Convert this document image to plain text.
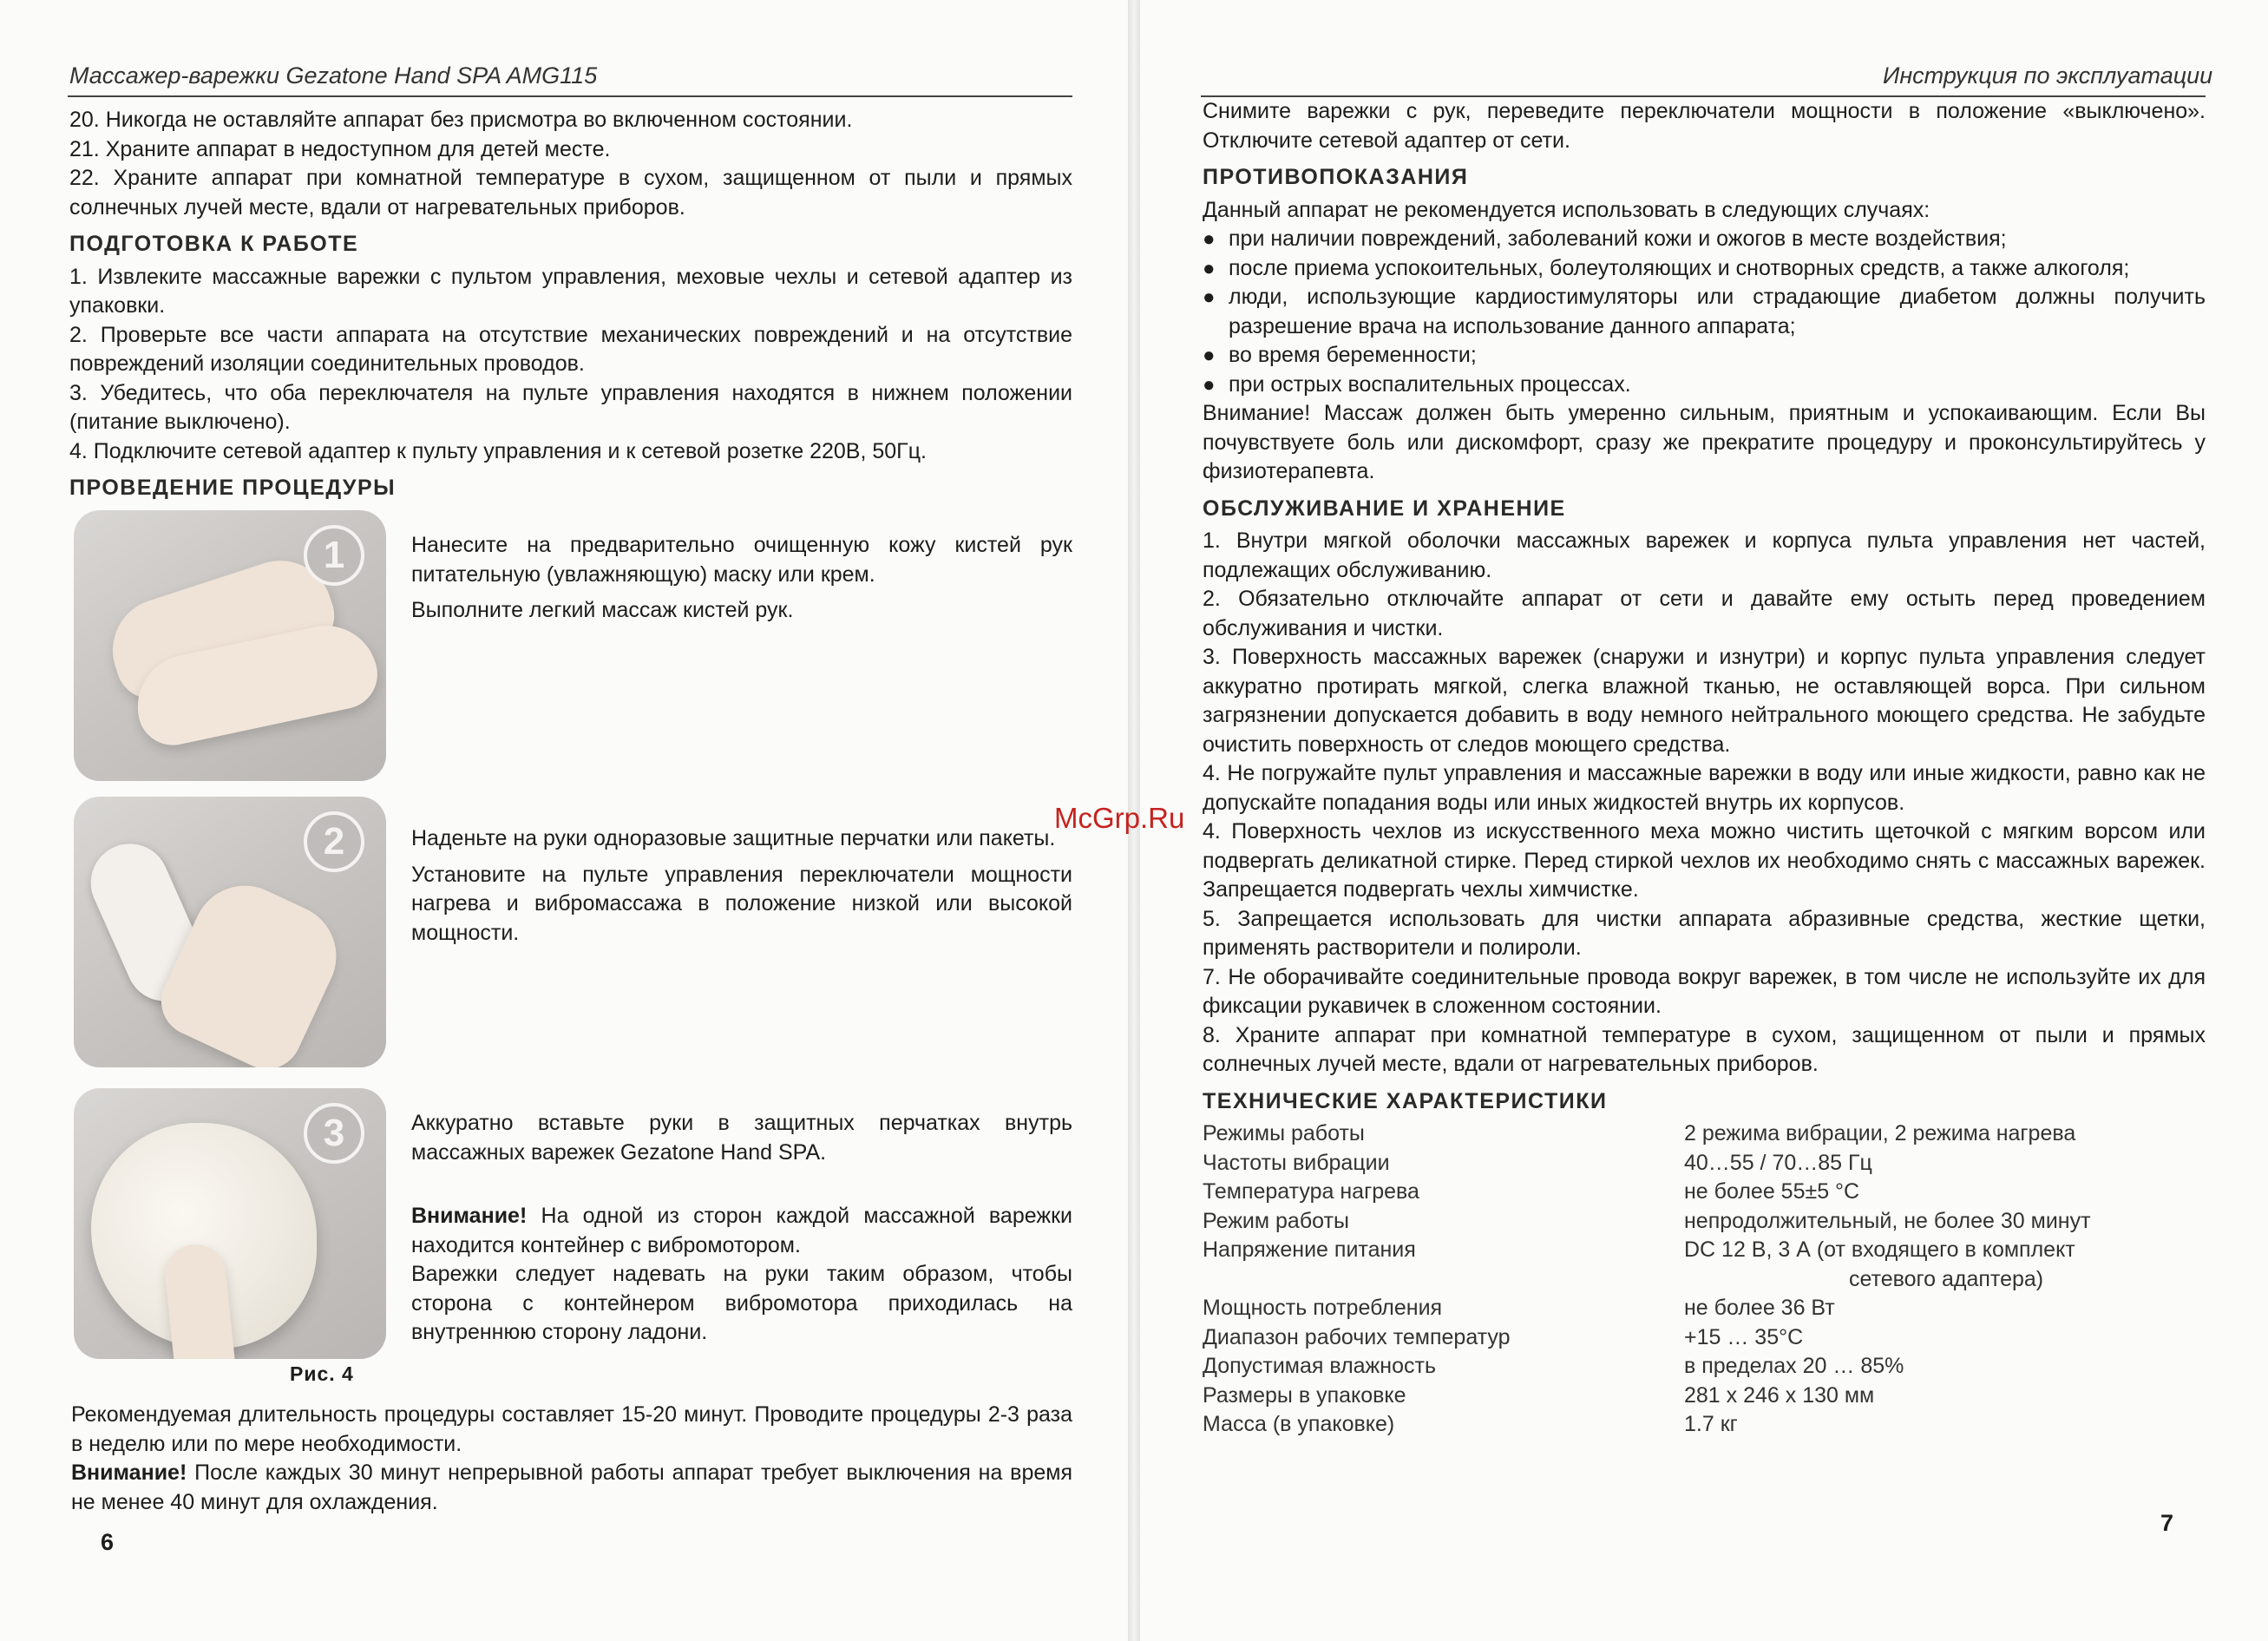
Массажер-варежки Gezatone Hand SPA AMG115

20. Никогда не оставляйте аппарат без присмотра во включенном состоянии.

21. Храните аппарат в недоступном для детей месте.

22. Храните аппарат при комнатной температуре в сухом, защищенном от пыли и прямых солнечных лучей месте, вдали от нагревательных приборов.

ПОДГОТОВКА К РАБОТЕ

1. Извлеките массажные варежки с пультом управления, меховые чехлы и сетевой адаптер из упаковки.

2. Проверьте все части аппарата на отсутствие механических повреждений и на отсутствие повреждений изоляции соединительных проводов.

3. Убедитесь, что оба переключателя на пульте управления находятся в нижнем положении (питание выключено).

4. Подключите сетевой адаптер к пульту управления и к сетевой розетке 220В, 50Гц.

ПРОВЕДЕНИЕ ПРОЦЕДУРЫ
1	Нанесите на предварительно очищенную кожу кистей рук питательную (увлажняющую) маску или крем.

Выполните легкий массаж кистей рук.

2	Наденьте на руки одноразовые защитные перчатки или пакеты.

Установите на пульте управления переключатели мощности нагрева и вибромассажа в положение низкой или высокой мощности.

3	Аккуратно вставьте руки в защитных перчатках внутрь массажных варежек Gezatone Hand SPA.

Внимание! На одной из сторон каждой массажной варежки находится контейнер с вибромотором.

Варежки следует надевать на руки таким образом, чтобы сторона с контейнером вибромотора приходилась на внутреннюю сторону ладони.

Рис. 4

Рекомендуемая длительность процедуры составляет 15-20 минут. Проводите процедуры 2-3 раза в неделю или по мере необходимости.

Внимание! После каждых 30 минут непрерывной работы аппарат требует выключения на время не менее 40 минут для охлаждения.

6
Инструкция по эксплуатации

Снимите варежки с рук, переведите переключатели мощности в положение «выключено». Отключите сетевой адаптер от сети.

ПРОТИВОПОКАЗАНИЯ

Данный аппарат не рекомендуется использовать в следующих случаях:

● при наличии повреждений, заболеваний кожи и ожогов в месте воздействия;
● после приема успокоительных, болеутоляющих и снотворных средств, а также алкоголя;
● люди, использующие кардиостимуляторы или страдающие диабетом должны получить разрешение врача на использование данного аппарата;
● во время беременности;
● при острых воспалительных процессах.

Внимание! Массаж должен быть умеренно сильным, приятным и успокаивающим. Если Вы почувствуете боль или дискомфорт, сразу же прекратите процедуру и проконсультируйтесь у физиотерапевта.

ОБСЛУЖИВАНИЕ И ХРАНЕНИЕ

1. Внутри мягкой оболочки массажных варежек и корпуса пульта управления нет частей, подлежащих обслуживанию.

2. Обязательно отключайте аппарат от сети и давайте ему остыть перед проведением обслуживания и чистки.

3. Поверхность массажных варежек (снаружи и изнутри) и корпус пульта управления следует аккуратно протирать мягкой, слегка влажной тканью, не оставляющей ворса. При сильном загрязнении допускается добавить в воду немного нейтрального моющего средства. Не забудьте очистить поверхность от следов моющего средства.

4. Не погружайте пульт управления и массажные варежки в воду или иные жидкости, равно как не допускайте попадания воды или иных жидкостей внутрь их корпусов.

4. Поверхность чехлов из искусственного меха можно чистить щеточкой с мягким ворсом или подвергать деликатной стирке. Перед стиркой чехлов их необходимо снять с массажных варежек. Запрещается подвергать чехлы химчистке.

5. Запрещается использовать для чистки аппарата абразивные средства, жесткие щетки, применять растворители и полироли.

7. Не оборачивайте соединительные провода вокруг варежек, в том числе не используйте их для фиксации рукавичек в сложенном состоянии.

8. Храните аппарат при комнатной температуре в сухом, защищенном от пыли и прямых солнечных лучей месте, вдали от нагревательных приборов.

ТЕХНИЧЕСКИЕ ХАРАКТЕРИСТИКИ
Режимы работы	2 режима вибрации, 2 режима нагрева
Частоты вибрации	40…55 / 70…85 Гц
Температура нагрева	не более 55±5 °С
Режим работы	непродолжительный, не более 30 минут
Напряжение питания	DC 12 В, 3 А (от входящего в комплект
сетевого адаптера)
Мощность потребления	не более 36 Вт
Диапазон рабочих температур	+15 … 35°С
Допустимая влажность	в пределах 20 … 85%
Размеры в упаковке	281 х 246 х 130 мм
Масса (в упаковке)	1.7 кг
7
McGrp.Ru
